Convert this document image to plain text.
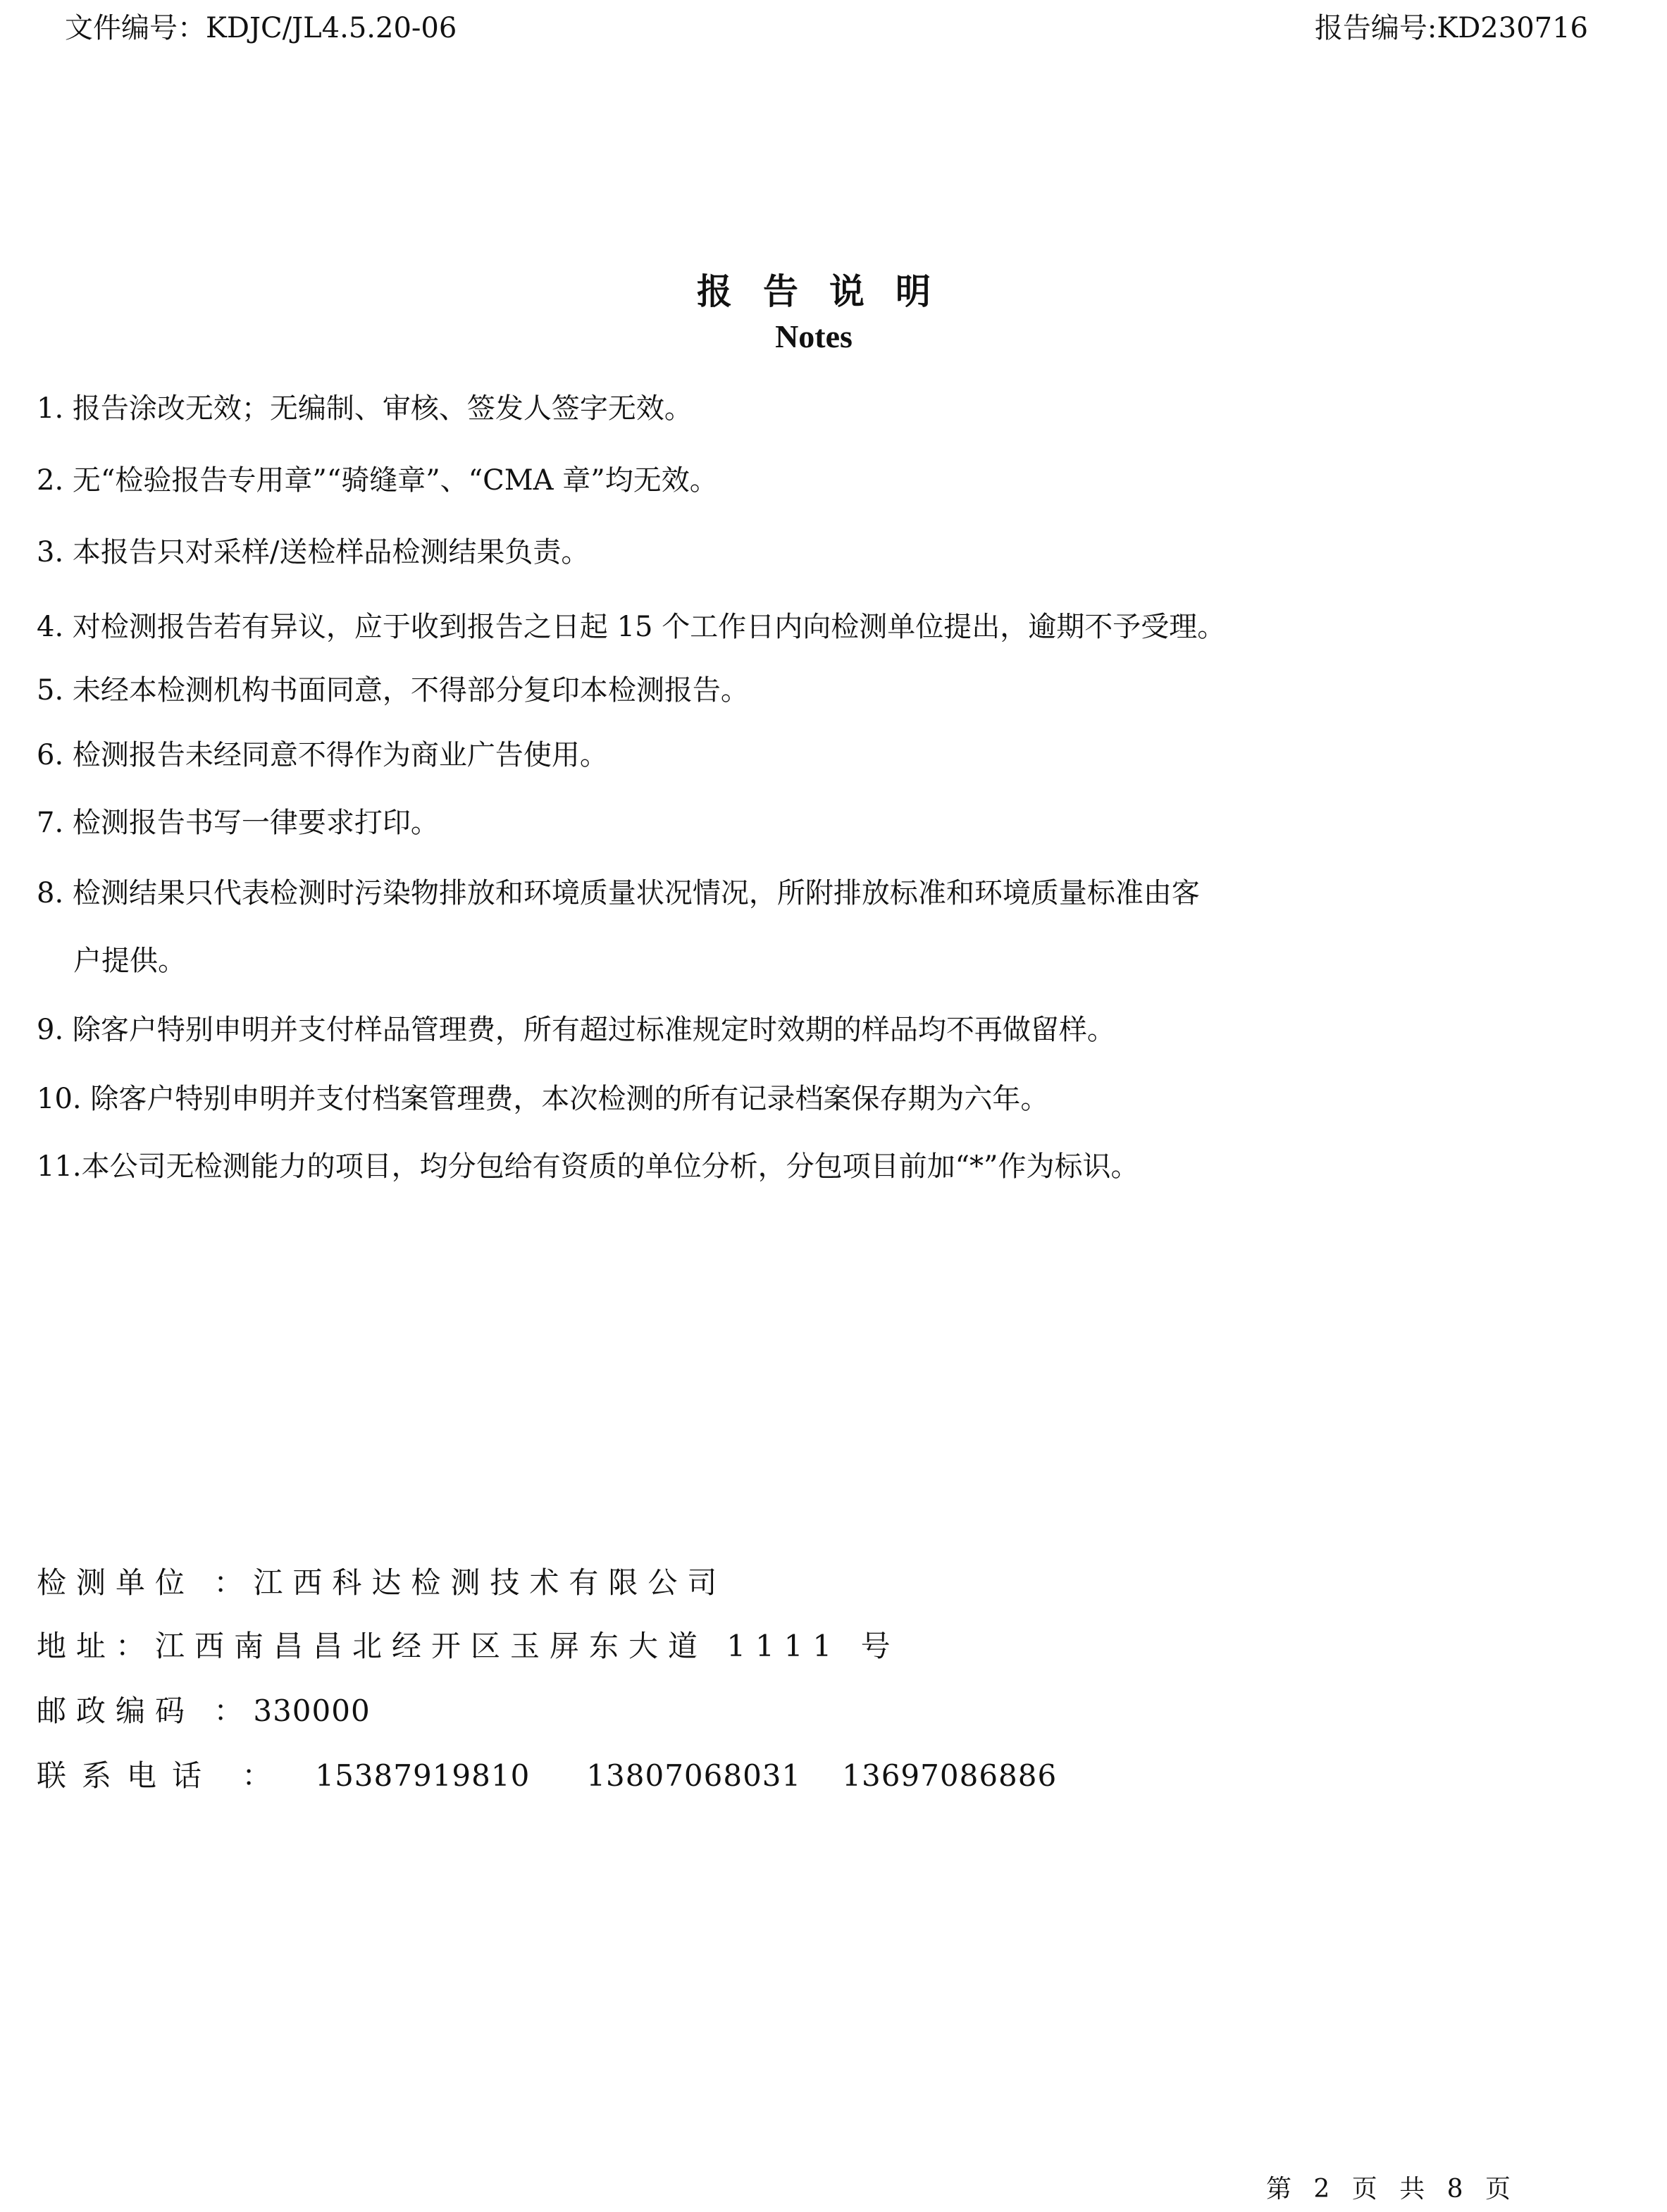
文件编号：KDJC/JL4.5.20-06	报告编号:KD230716
报告说明
Notes
1. 报告涂改无效；无编制、审核、签发人签字无效。
2. 无“检验报告专用章”“骑缝章”、“CMA 章”均无效。
3. 本报告只对采样/送检样品检测结果负责。
4. 对检测报告若有异议，应于收到报告之日起 15 个工作日内向检测单位提出，逾期不予受理。
5. 未经本检测机构书面同意，不得部分复印本检测报告。
6. 检测报告未经同意不得作为商业广告使用。
7. 检测报告书写一律要求打印。
8. 检测结果只代表检测时污染物排放和环境质量状况情况，所附排放标准和环境质量标准由客
户提供。
9. 除客户特别申明并支付样品管理费，所有超过标准规定时效期的样品均不再做留样。
10. 除客户特别申明并支付档案管理费，本次检测的所有记录档案保存期为六年。
11.本公司无检测能力的项目，均分包给有资质的单位分析，分包项目前加“*”作为标识。
检测单位 ：江西科达检测技术有限公司
地址：江西南昌昌北经开区玉屏东大道 1111 号
邮政编码 ：330000
联系电话 ： 15387919810 13807068031 13697086886
第 2 页 共 8 页
